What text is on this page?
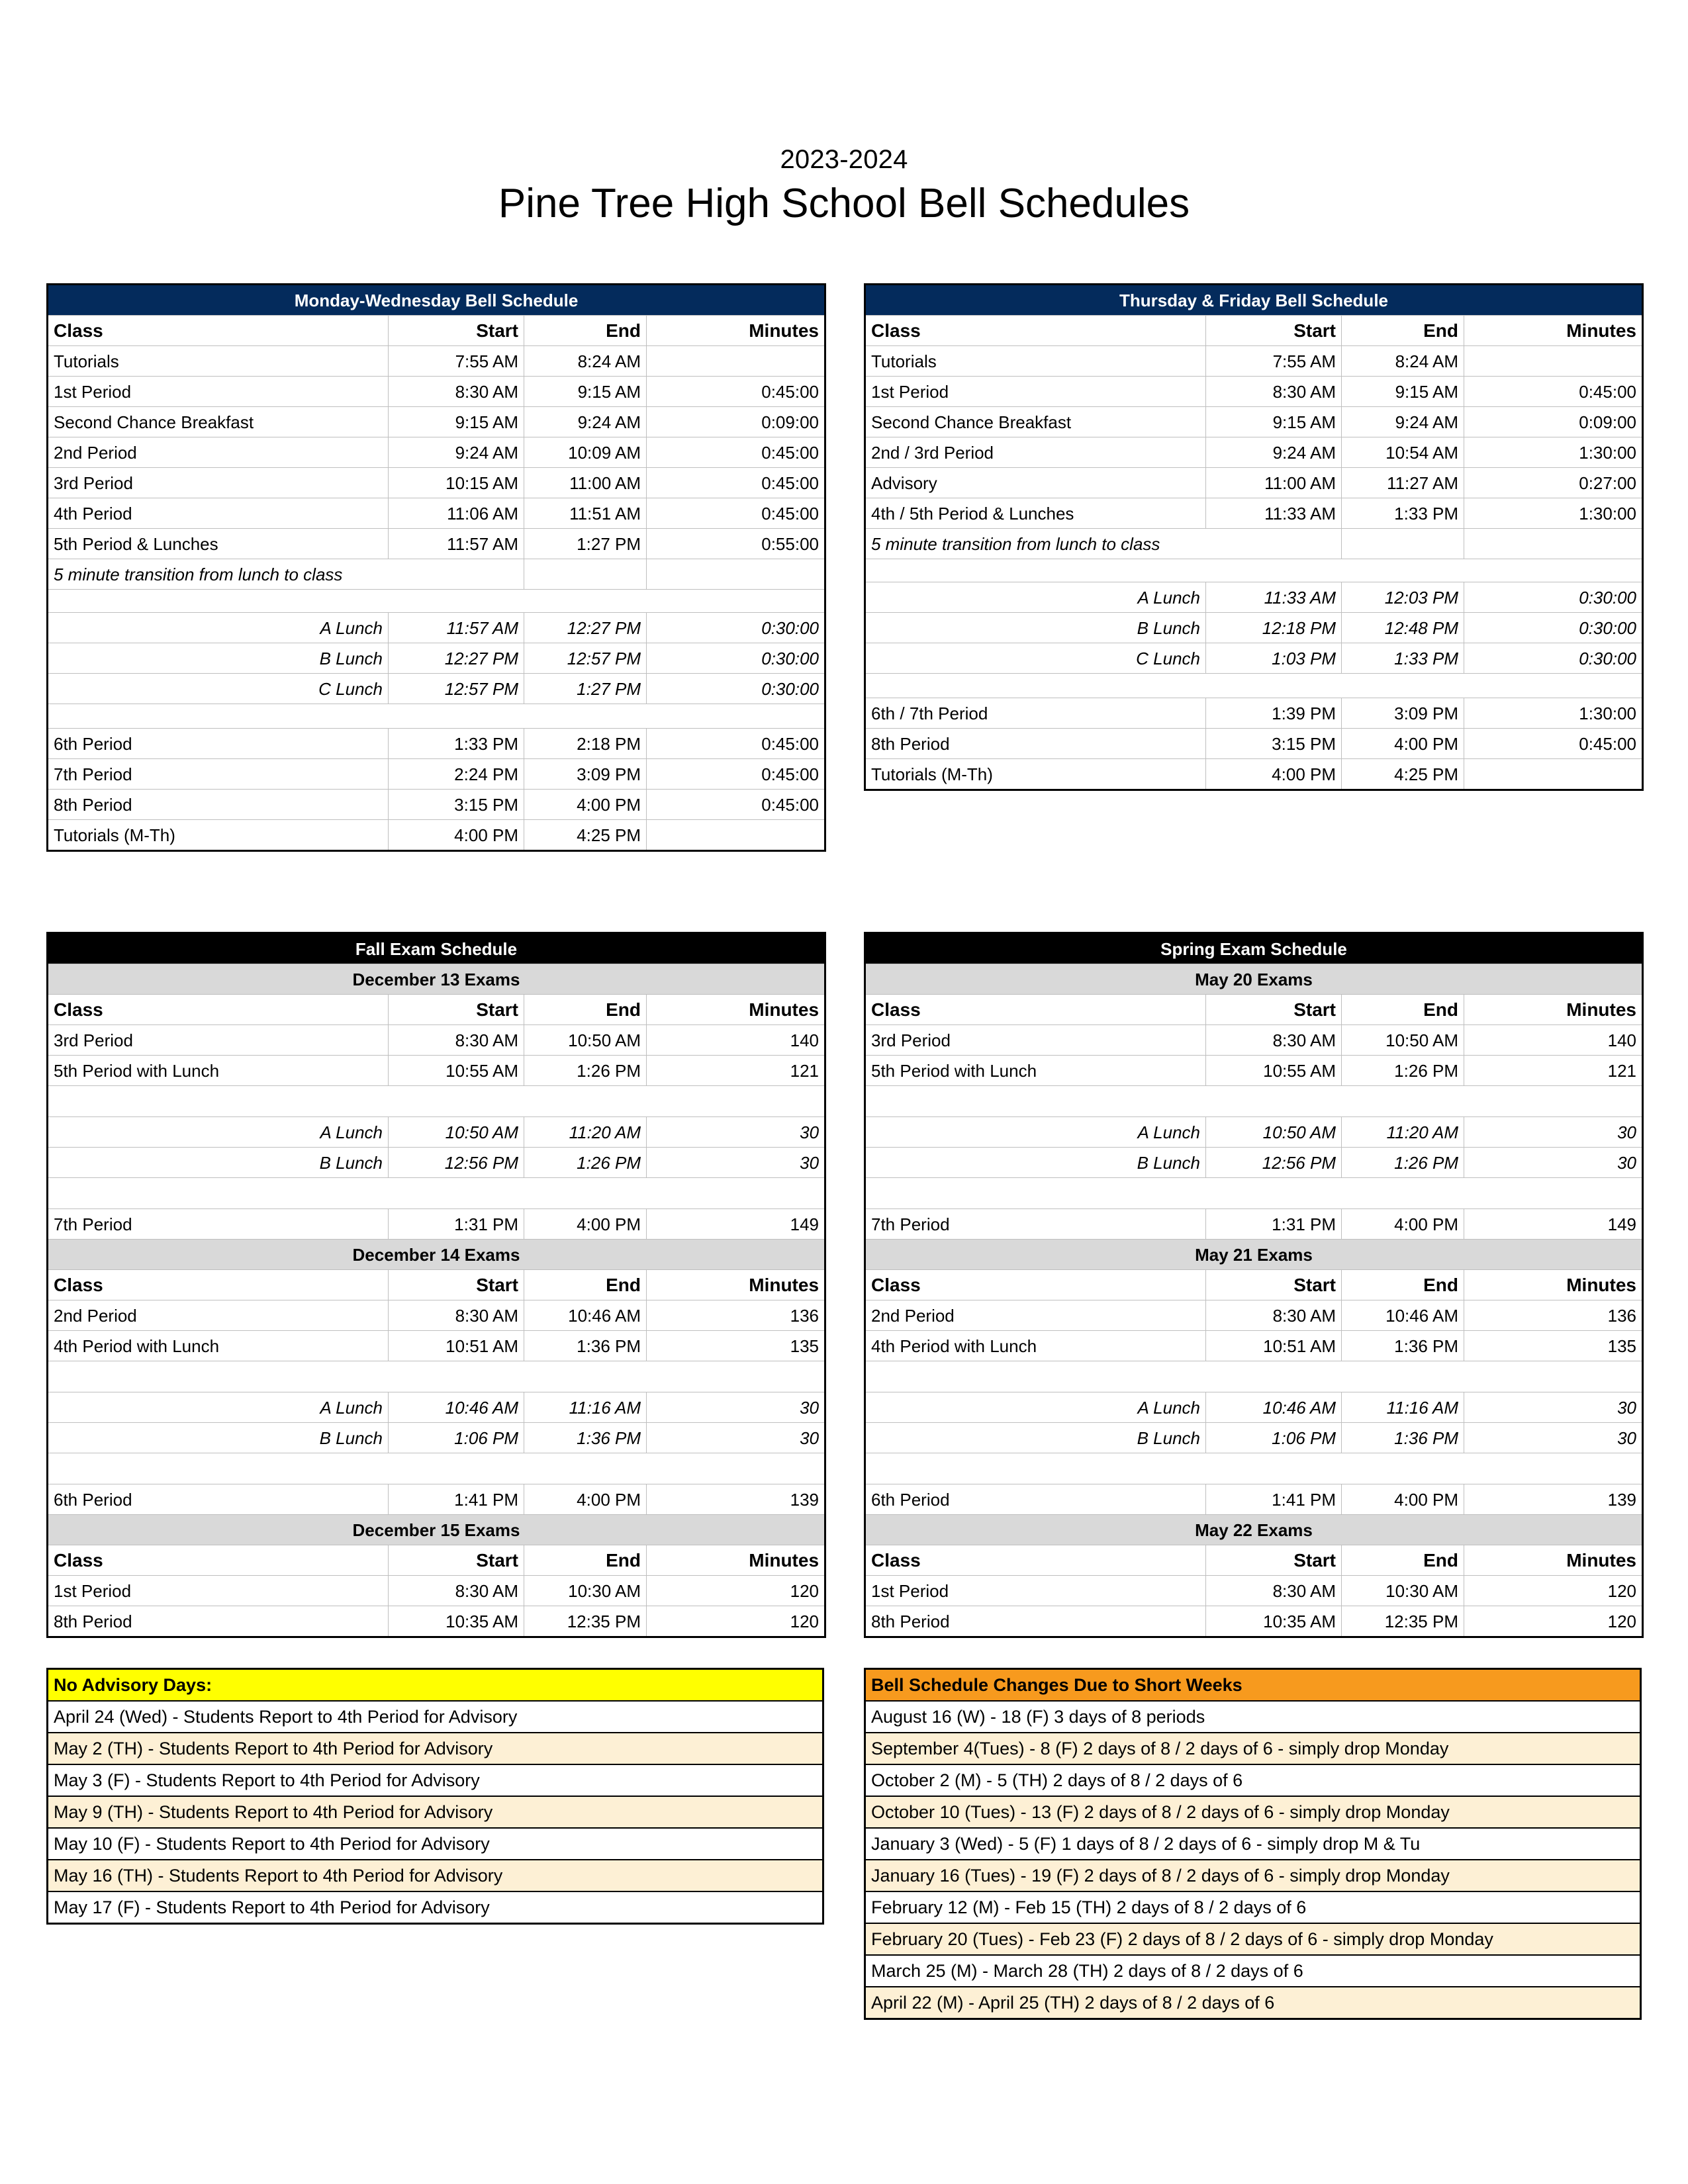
2023-2024
Pine Tree High School Bell Schedules
Monday-Wednesday Bell Schedule			
Class	Start	End	Minutes
Tutorials	7:55 AM	8:24 AM	
1st Period	8:30 AM	9:15 AM	0:45:00
Second Chance Breakfast	9:15 AM	9:24 AM	0:09:00
2nd Period	9:24 AM	10:09 AM	0:45:00
3rd Period	10:15 AM	11:00 AM	0:45:00
4th Period	11:06 AM	11:51 AM	0:45:00
5th Period & Lunches	11:57 AM	1:27 PM	0:55:00
5 minute transition from lunch to class			

A Lunch	11:57 AM	12:27 PM	0:30:00
B Lunch	12:27 PM	12:57 PM	0:30:00
C Lunch	12:57 PM	1:27 PM	0:30:00

6th Period	1:33 PM	2:18 PM	0:45:00
7th Period	2:24 PM	3:09 PM	0:45:00
8th Period	3:15 PM	4:00 PM	0:45:00
Tutorials (M-Th)	4:00 PM	4:25 PM	
Thursday & Friday Bell Schedule			
Class	Start	End	Minutes
Tutorials	7:55 AM	8:24 AM	
1st Period	8:30 AM	9:15 AM	0:45:00
Second Chance Breakfast	9:15 AM	9:24 AM	0:09:00
2nd / 3rd Period	9:24 AM	10:54 AM	1:30:00
Advisory	11:00 AM	11:27 AM	0:27:00
4th / 5th Period & Lunches	11:33 AM	1:33 PM	1:30:00
5 minute transition from lunch to class			

A Lunch	11:33 AM	12:03 PM	0:30:00
B Lunch	12:18 PM	12:48 PM	0:30:00
C Lunch	1:03 PM	1:33 PM	0:30:00

6th / 7th Period	1:39 PM	3:09 PM	1:30:00
8th Period	3:15 PM	4:00 PM	0:45:00
Tutorials (M-Th)	4:00 PM	4:25 PM	
Fall Exam Schedule			
December 13 Exams			
Class	Start	End	Minutes
3rd Period	8:30 AM	10:50 AM	140
5th Period with Lunch	10:55 AM	1:26 PM	121

A Lunch	10:50 AM	11:20 AM	30
B Lunch	12:56 PM	1:26 PM	30

7th Period	1:31 PM	4:00 PM	149
December 14 Exams			
Class	Start	End	Minutes
2nd Period	8:30 AM	10:46 AM	136
4th Period with Lunch	10:51 AM	1:36 PM	135

A Lunch	10:46 AM	11:16 AM	30
B Lunch	1:06 PM	1:36 PM	30

6th Period	1:41 PM	4:00 PM	139
December 15 Exams			
Class	Start	End	Minutes
1st Period	8:30 AM	10:30 AM	120
8th Period	10:35 AM	12:35 PM	120
Spring Exam Schedule			
May 20 Exams			
Class	Start	End	Minutes
3rd Period	8:30 AM	10:50 AM	140
5th Period with Lunch	10:55 AM	1:26 PM	121

A Lunch	10:50 AM	11:20 AM	30
B Lunch	12:56 PM	1:26 PM	30

7th Period	1:31 PM	4:00 PM	149
May 21 Exams			
Class	Start	End	Minutes
2nd Period	8:30 AM	10:46 AM	136
4th Period with Lunch	10:51 AM	1:36 PM	135

A Lunch	10:46 AM	11:16 AM	30
B Lunch	1:06 PM	1:36 PM	30

6th Period	1:41 PM	4:00 PM	139
May 22 Exams			
Class	Start	End	Minutes
1st Period	8:30 AM	10:30 AM	120
8th Period	10:35 AM	12:35 PM	120
No Advisory Days:
April 24 (Wed) - Students Report to 4th Period for Advisory
May 2 (TH) - Students Report to 4th Period for Advisory
May 3 (F) - Students Report to 4th Period for Advisory
May 9 (TH) - Students Report to 4th Period for Advisory
May 10 (F) - Students Report to 4th Period for Advisory
May 16 (TH) - Students Report to 4th Period for Advisory
May 17 (F) - Students Report to 4th Period for Advisory
Bell Schedule Changes Due to Short Weeks
August 16 (W) - 18 (F) 3 days of 8 periods
September 4(Tues) - 8 (F) 2 days of 8 / 2 days of 6 - simply drop Monday
October 2 (M) - 5 (TH) 2 days of 8 / 2 days of 6
October 10 (Tues) - 13 (F) 2 days of 8 / 2 days of 6 - simply drop Monday
January 3 (Wed) - 5 (F) 1 days of 8 / 2 days of 6 - simply drop M & Tu
January 16 (Tues) - 19 (F) 2 days of 8 / 2 days of 6 - simply drop Monday
February 12 (M) - Feb 15 (TH) 2 days of 8 / 2 days of 6
February 20 (Tues) - Feb 23 (F) 2 days of 8 / 2 days of 6 - simply drop Monday
March 25 (M) - March 28 (TH) 2 days of 8 / 2 days of 6
April 22 (M) - April 25 (TH) 2 days of 8 / 2 days of 6
